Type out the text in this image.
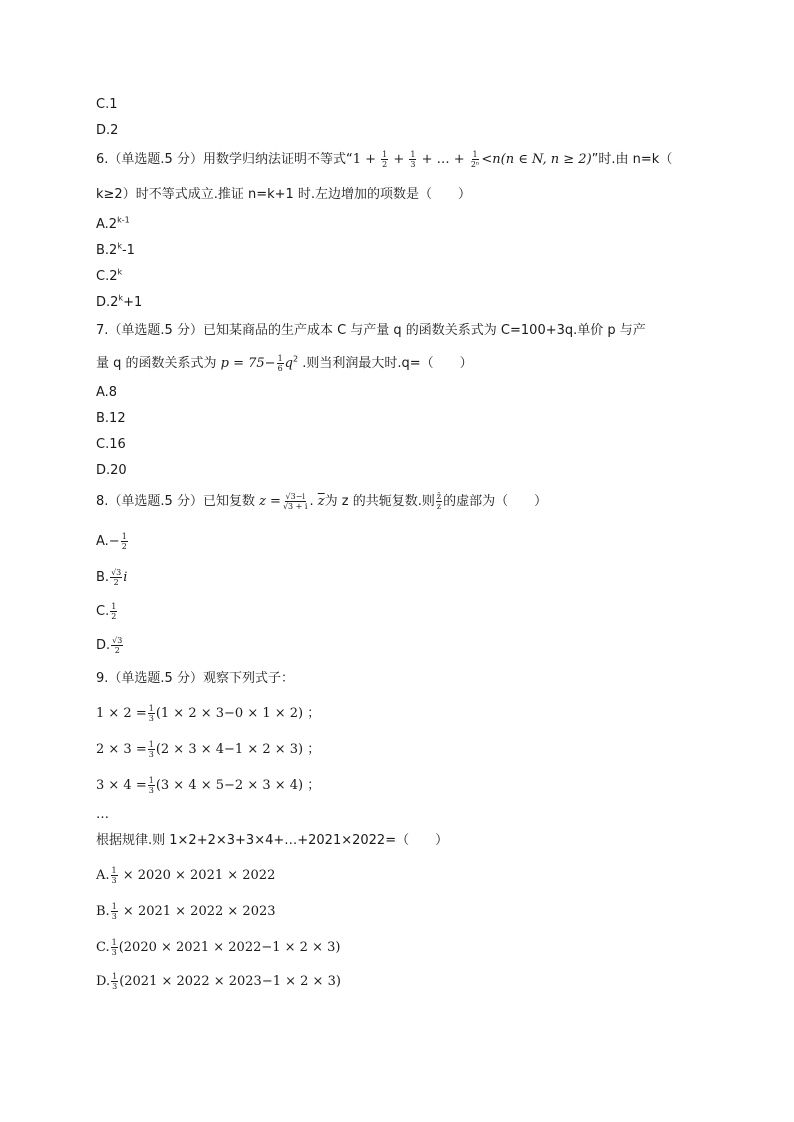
C.1
D.2
6.（单选题.5 分）用数学归纳法证明不等式“$1 + \frac{1}{2} + \frac{1}{3}$ + … + $\frac{1}{\text{2ⁿ}} <n(n$ ∈ N, n ≥ 2)”时.由 n=k（
k≥2）时不等式成立.推证 n=k+1 时.左边增加的项数是（　　）
A.2$^{k-1}$
B.2$^k$-1
C.2$^k$
$D.2^k+1$
7.（单选题.5 分）已知某商品的生产成本 C 与产量 q 的函数关系式为 C=100+3q.单价 p 与产
量 q 的函数关系式为 $p = 75- \frac{1}{6} q^2$ .则当利润最大时.q=（　　）
A.8
B.12
C.16
D.20
8.（单选题.5 分）已知复数 $z = \frac{√3-i}{√3 + i}$ . $\overline{z}$为 z 的共轭复数.则 $\frac{z̄}{z}$ 的虚部为（　　）
$A.- \frac{1}{2}$
B. $\frac{√3}{2}$ i
C. $\frac{1}{2}$
D. $\frac{√3}{2}$
9.（单选题.5 分）观察下列式子：
$1 \times 2 = \frac{1}{3} (1 \times 2 \times 3-0 \times 1 \times 2)$ ；
$2 \times 3 = \frac{1}{3} (2 \times 3 \times 4-1 \times 2 \times 3)$ ；
$3 \times 4 = \frac{1}{3} (3 \times 4 \times 5-2 \times 3 \times 4)$ ；
…
根据规律.则 1×2+2×3+3×4+…+2021×2022=（　　）
A. $\frac{1}{3} \times 2020 \times 2021 \times 2022$
B. $\frac{1}{3} \times 2021 \times 2022 \times 2023$
C. $\frac{1}{3} (2020 \times 2021 \times 2022-1 \times 2 \times 3)$
D. $\frac{1}{3} (2021 \times 2022 \times 2023-1 \times 2 \times 3)$
